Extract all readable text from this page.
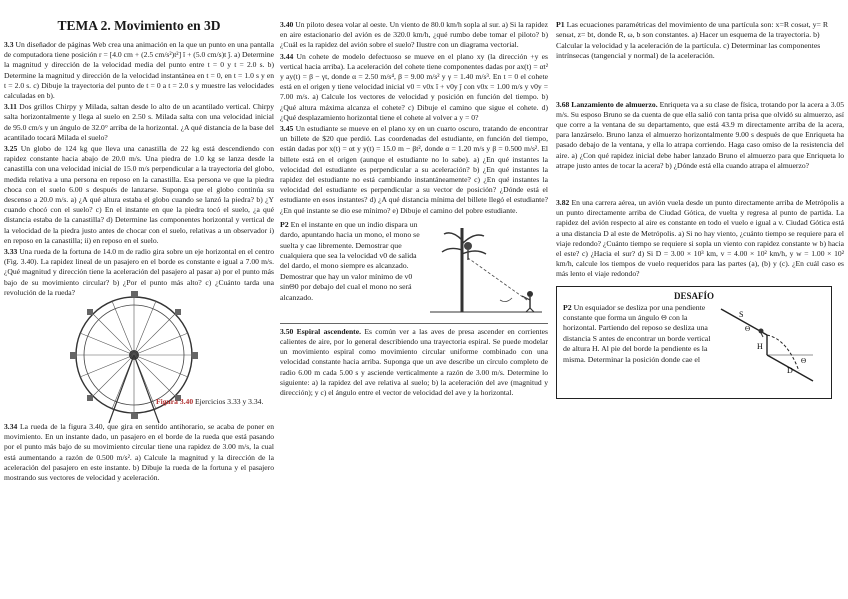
TEMA 2. Movimiento en 3D
3.3 Un diseñador de páginas Web crea una animación en la que un punto en una pantalla de computadora tiene posición r = [4.0 cm + (2.5 cm/s²)t²] î + (5.0 cm/s)t ĵ. a) Determine la magnitud y dirección de la velocidad media del punto entre t = 0 y t = 2.0 s. b) Determine la magnitud y dirección de la velocidad instantánea en t = 0, en t = 1.0 s y en t = 2.0 s. c) Dibuje la trayectoria del punto de t = 0 a t = 2.0 s y muestre las velocidades calculadas en b).
3.11 Dos grillos Chirpy y Milada, saltan desde lo alto de un acantilado vertical. Chirpy salta horizontalmente y llega al suelo en 2.50 s. Milada salta con una velocidad inicial de 95.0 cm/s y un ángulo de 32.0° arriba de la horizontal. ¿A qué distancia de la base del acantilado tocará Milada el suelo?
3.25 Un globo de 124 kg que lleva una canastilla de 22 kg está descendiendo con rapidez constante hacia abajo de 20.0 m/s. Una piedra de 1.0 kg se lanza desde la canastilla con una velocidad inicial de 15.0 m/s perpendicular a la trayectoria del globo, medida relativa a una persona en reposo en la canastilla. Esa persona ve que la piedra choca con el suelo 6.00 s después de lanzarse. Suponga que el globo continúa su descenso a 20.0 m/s. a) ¿A qué altura estaba el globo cuando se lanzó la piedra? b) ¿Y cuando chocó con el suelo? c) En el instante en que la piedra tocó el suelo, ¿a qué distancia estaba de la canastilla? d) Determine las componentes horizontal y vertical de la velocidad de la piedra justo antes de chocar con el suelo, relativas a un observador i) en reposo en la canastilla; ii) en reposo en el suelo.
3.33 Una rueda de la fortuna de 14.0 m de radio gira sobre un eje horizontal en el centro (Fig. 3.40). La rapidez lineal de un pasajero en el borde es constante e igual a 7.00 m/s. ¿Qué magnitud y dirección tiene la aceleración del pasajero al pasar a) por el punto más bajo de su movimiento circular? b) ¿Por el punto más alto? c) ¿Cuánto tarda una revolución de la rueda?
Figura 3.40 Ejercicios 3.33 y 3.34.
3.34 La rueda de la figura 3.40, que gira en sentido antihorario, se acaba de poner en movimiento. En un instante dado, un pasajero en el borde de la rueda que está pasando por el punto más bajo de su movimiento circular tiene una rapidez de 3.00 m/s, la cual está aumentando a razón de 0.500 m/s². a) Calcule la magnitud y la dirección de la aceleración del pasajero en este instante. b) Dibuje la rueda de la fortuna y el pasajero mostrando sus vectores de velocidad y aceleración.
3.40 Un piloto desea volar al oeste. Un viento de 80.0 km/h sopla al sur. a) Si la rapidez en aire estacionario del avión es de 320.0 km/h, ¿qué rumbo debe tomar el piloto? b) ¿Cuál es la rapidez del avión sobre el suelo? Ilustre con un diagrama vectorial.
3.44 Un cohete de modelo defectuoso se mueve en el plano xy (la dirección +y es vertical hacia arriba). La aceleración del cohete tiene componentes dadas por ax(t) = αt² y ay(t) = β − γt, donde α = 2.50 m/s⁴, β = 9.00 m/s² y γ = 1.40 m/s³. En t = 0 el cohete está en el origen y tiene velocidad inicial v0 = v0x î + v0y ĵ con v0x = 1.00 m/s y v0y = 7.00 m/s. a) Calcule los vectores de velocidad y posición en función del tiempo. b) ¿Qué altura máxima alcanza el cohete? c) Dibuje el camino que sigue el cohete. d) ¿Qué desplazamiento horizontal tiene el cohete al volver a y = 0?
3.45 Un estudiante se mueve en el plano xy en un cuarto oscuro, tratando de encontrar un billete de $20 que perdió. Las coordenadas del estudiante, en función del tiempo, están dadas por x(t) = αt y y(t) = 15.0 m − βt², donde α = 1.20 m/s y β = 0.500 m/s². El billete está en el origen (aunque el estudiante no lo sabe). a) ¿En qué instantes la velocidad del estudiante es perpendicular a su aceleración? b) ¿En qué instantes la rapidez del estudiante no está cambiando instantáneamente? c) ¿En qué instantes la velocidad del estudiante es perpendicular a su vector de posición? ¿Dónde está el estudiante en esos instantes? d) ¿A qué distancia mínima del billete llegó el estudiante? ¿En qué instante se dio ese mínimo? e) Dibuje el camino del pobre estudiante.
P2 En el instante en que un indio dispara un dardo, apuntando hacia un mono, el mono se suelta y cae libremente. Demostrar que cualquiera que sea la velocidad v0 de salida del dardo, el mono siempre es alcanzado. Demostrar que hay un valor mínimo de v0 sinΘ0 por debajo del cual el mono no será alcanzado.
3.50 Espiral ascendente. Es común ver a las aves de presa ascender en corrientes calientes de aire, por lo general describiendo una trayectoria espiral. Se puede modelar un movimiento espiral como movimiento circular uniforme combinado con una velocidad constante hacia arriba. Suponga que un ave describe un círculo completo de radio 6.00 m cada 5.00 s y asciende verticalmente a razón de 3.00 m/s. Determine lo siguiente: a) la rapidez del ave relativa al suelo; b) la aceleración del ave (magnitud y dirección); y c) el ángulo entre el vector de velocidad del ave y la horizontal.
P1 Las ecuaciones paramétricas del movimiento de una partícula son: x=R cosωt, y= R senωt, z= bt, donde R, ω, b son constantes. a) Hacer un esquema de la trayectoria. b) Calcular la velocidad y la aceleración de la partícula. c) Determinar las componentes intrínsecas (tangencial y normal) de la aceleración.
3.68 Lanzamiento de almuerzo. Enriqueta va a su clase de física, trotando por la acera a 3.05 m/s. Su esposo Bruno se da cuenta de que ella salió con tanta prisa que olvidó su almuerzo, así que corre a la ventana de su departamento, que está 43.9 m directamente arriba de la acera, para lanzárselo. Bruno lanza el almuerzo horizontalmente 9.00 s después de que Enriqueta ha pasado debajo de la ventana, y ella lo atrapa corriendo. Haga caso omiso de la resistencia del aire. a) ¿Con qué rapidez inicial debe haber lanzado Bruno el almuerzo para que Enriqueta lo atrape justo antes de tocar la acera? b) ¿Dónde está ella cuando atrapa el almuerzo?
3.82 En una carrera aérea, un avión vuela desde un punto directamente arriba de Metrópolis a un punto directamente arriba de Ciudad Gótica, de vuelta y regresa al punto de partida. La rapidez del avión respecto al aire es constante en todo el vuelo e igual a v. Ciudad Gótica está a una distancia D al este de Metrópolis. a) Si no hay viento, ¿cuánto tiempo se requiere para el viaje redondo? ¿Cuánto tiempo se requiere si sopla un viento con rapidez constante w b) hacia el este? c) ¿Hacia el sur? d) Si D = 3.00 × 10³ km, v = 4.00 × 10² km/h, y w = 1.00 × 10² km/h, calcule los tiempos de vuelo requeridos para las partes (a), (b) y (c). ¿En cuál caso es más lento el viaje redondo?
DESAFÍO
P2 Un esquiador se desliza por una pendiente constante que forma un ángulo Θ con la horizontal. Partiendo del reposo se desliza una distancia S antes de encontrar un borde vertical de altura H. Al pie del borde la pendiente es la misma. Determinar la posición donde cae el
S
H
D
Θ
Θ
